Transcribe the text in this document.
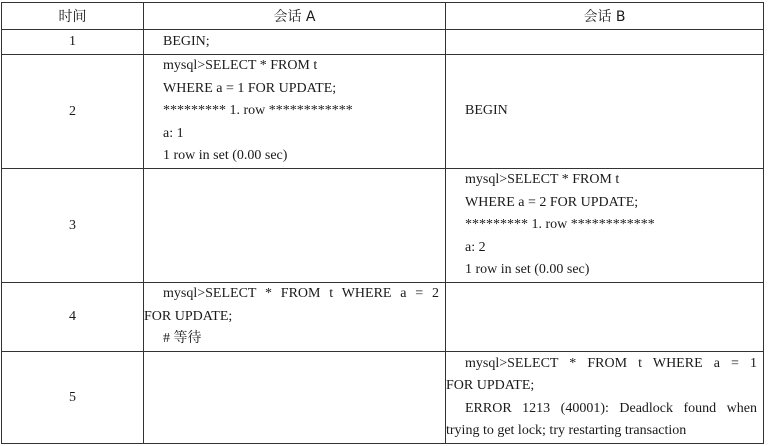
时间	会话 A	会话 B
1	BEGIN;	

2	mysql>SELECT * FROM t
WHERE a = 1 FOR UPDATE;
********* 1. row ************
a: 1
1 row in set (0.00 sec)	BEGIN

3		mysql>SELECT * FROM t
WHERE a = 2 FOR UPDATE;
********* 1. row ************
a: 2
1 row in set (0.00 sec)

4	mysql>SELECT * FROM t WHERE a = 2
FOR UPDATE;
# 等待	

5		mysql>SELECT * FROM t WHERE a = 1
FOR UPDATE;
ERROR 1213 (40001): Deadlock found when
trying to get lock; try restarting transaction
